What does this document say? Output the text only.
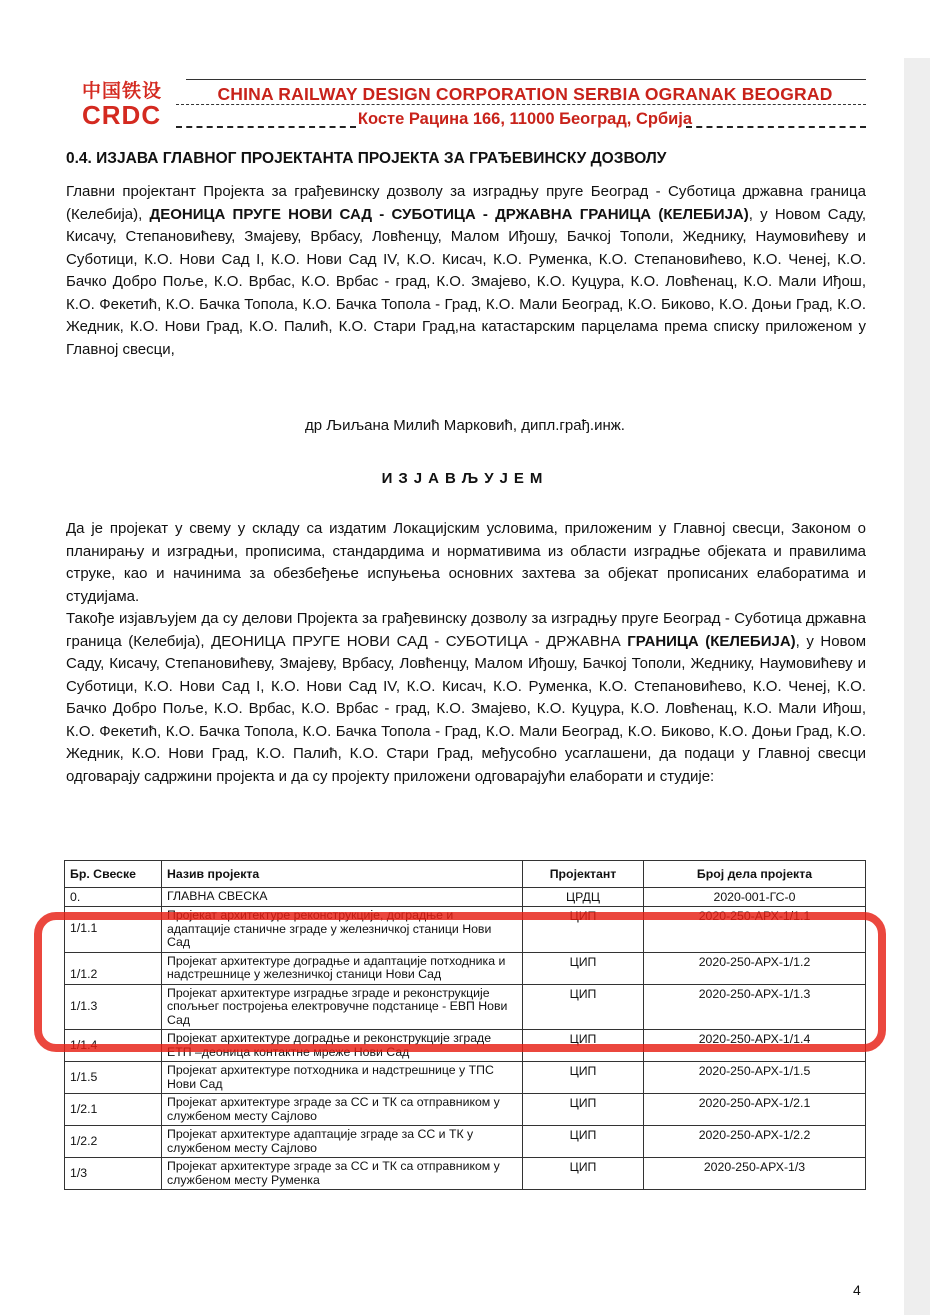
中国铁设
CRDC
CHINA RAILWAY DESIGN CORPORATION SERBIA OGRANAK BEOGRAD
Косте Рацина 166, 11000 Београд, Србија
0.4. ИЗЈАВА ГЛАВНОГ ПРОЈЕКТАНТА ПРОЈЕКТА ЗА ГРАЂЕВИНСКУ ДОЗВОЛУ
Главни пројектант Пројекта за грађевинску дозволу за изградњу пруге Београд - Суботица државна граница (Келебија), ДЕОНИЦА ПРУГЕ НОВИ САД - СУБОТИЦА - ДРЖАВНА ГРАНИЦА (КЕЛЕБИЈА), у Новом Саду, Кисачу, Степановићеву, Змајеву, Врбасу, Ловћенцу, Малом Иђошу, Бачкој Тополи, Жеднику, Наумовићеву и Суботици, К.О. Нови Сад I, К.О. Нови Сад IV, К.О. Кисач, К.О. Руменка, К.О. Степановићево, К.О. Ченеј, К.О. Бачко Добро Поље, К.О. Врбас, К.О. Врбас - град, К.О. Змајево, К.О. Куцура, К.О. Ловћенац, К.О. Мали Иђош, К.О. Фекетић, К.О. Бачка Топола, К.О. Бачка Топола - Град, К.О. Мали Београд, К.О. Биково, К.О. Доњи Град, К.О. Жедник, К.О. Нови Град, К.О. Палић, К.О. Стари Град,на катастарским парцелама према списку приложеном у Главној свесци,
др Љиљана Милић Марковић, дипл.грађ.инж.
ИЗЈАВЉУЈЕМ
Да је пројекат у свему у складу са издатим Локацијским условима, приложеним у Главној свесци, Законом о планирању и изградњи, прописима, стандардима и нормативима из области изградње објеката и правилима струке, као и начинима за обезбеђење испуњења основних захтева за објекат прописаних елаборатима и студијама.
Такође изјављујем да су делови Пројекта за грађевинску дозволу за изградњу пруге Београд - Суботица државна граница (Келебија), ДЕОНИЦА ПРУГЕ НОВИ САД - СУБОТИЦА - ДРЖАВНА ГРАНИЦА (КЕЛЕБИЈА), у Новом Саду, Кисачу, Степановићеву, Змајеву, Врбасу, Ловћенцу, Малом Иђошу, Бачкој Тополи, Жеднику, Наумовићеву и Суботици, К.О. Нови Сад I, К.О. Нови Сад IV, К.О. Кисач, К.О. Руменка, К.О. Степановићево, К.О. Ченеј, К.О. Бачко Добро Поље, К.О. Врбас, К.О. Врбас - град, К.О. Змајево, К.О. Куцура, К.О. Ловћенац, К.О. Мали Иђош, К.О. Фекетић, К.О. Бачка Топола, К.О. Бачка Топола - Град, К.О. Мали Београд, К.О. Биково, К.О. Доњи Град, К.О. Жедник, К.О. Нови Град, К.О. Палић, К.О. Стари Град, међусобно усаглашени, да подаци у Главној свесци одговарају садржини пројекта и да су пројекту приложени одговарајући елаборати и студије:
Бр. Свеске	Назив пројекта	Пројектант	Број дела пројекта
0.	ГЛАВНА СВЕСКА	ЦРДЦ	2020-001-ГС-0
1/1.1	Пројекат архитектуре реконструкције, доградње и адаптације станичне зграде у железничкој станици Нови Сад	ЦИП	2020-250-АРХ-1/1.1
1/1.2	Пројекат архитектуре доградње и адаптације потходника и надстрешнице у железничкој станици Нови Сад	ЦИП	2020-250-АРХ-1/1.2
1/1.3	Пројекат архитектуре изградње зграде и реконструкције спољњег постројења електровучне подстанице - ЕВП Нови Сад	ЦИП	2020-250-АРХ-1/1.3
1/1.4	Пројекат архитектуре доградње и реконструкције зграде ЕТП –деоница контактне мреже Нови Сад	ЦИП	2020-250-АРХ-1/1.4
1/1.5	Пројекат архитектуре потходника и надстрешнице у ТПС Нови Сад	ЦИП	2020-250-АРХ-1/1.5
1/2.1	Пројекат архитектуре зграде за СС и ТК са отправником у службеном месту Сајлово	ЦИП	2020-250-АРХ-1/2.1
1/2.2	Пројекат архитектуре адаптације зграде за СС и ТК у службеном месту Сајлово	ЦИП	2020-250-АРХ-1/2.2
1/3	Пројекат архитектуре зграде за СС и ТК са отправником у службеном месту Руменка	ЦИП	2020-250-АРХ-1/3
4
